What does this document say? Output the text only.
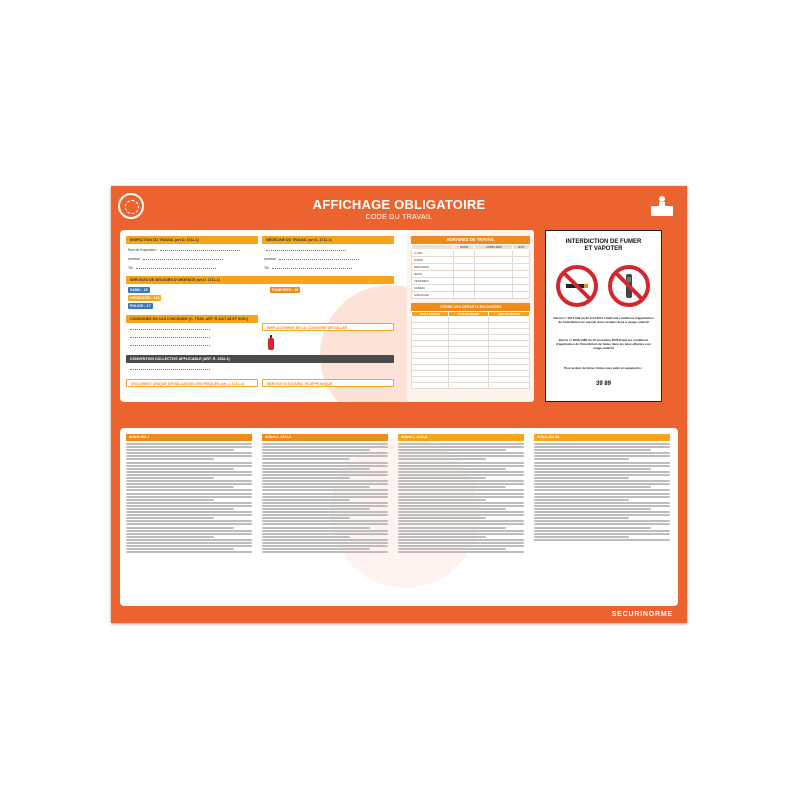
AFFICHAGE OBLIGATOIRE
CODE DU TRAVAIL
INSPECTION DU TRAVAIL (art D. 4711-1)
Nom de l'inspecteur :
Adresse :
Tél :
MÉDECINE DU TRAVAIL (art D. 4711-1)
Adresse :
Tél :
SERVICES DE SECOURS D'URGENCE (art D. 4711-1)
SAMU : 15
URGENCES : 112
POLICE : 17
POMPIERS : 18
CONSIGNES EN CAS D'INCENDIE (C. TRAV. ART. R 4227-38 ET SUIV.)
EMPLACEMENT DE LA CONSIGNE DÉTAILLÉE
CONVENTION COLLECTIVE APPLICABLE (ART. R. 2262-3)
DOCUMENT UNIQUE D'ÉVALUATION DES RISQUES (art. L 4121-4)	SERVICE D'ACCUEIL TÉLÉPHONIQUE
HORAIRES DE TRAVAIL
	MATIN	APRÈS-MIDI	NUIT
LUNDI			
MARDI			
MERCREDI			
JEUDI			
VENDREDI			
SAMEDI			
DIMANCHE			
ORDRE DES DÉPARTS EN CONGÉS
NOM & PRÉNOM	DATE DE DÉPART	DATE DE RETOUR

INTERDICTION DE FUMER
ET VAPOTER
Décret n° 2017-633 du 25 avril 2017 relatif aux conditions d'application de l'interdiction de vapoter dans certains lieux à usage collectif
Décret n° 2006-1386 du 15 novembre 2006 fixant les conditions d'application de l'interdiction de fumer dans les lieux affectés à un usage collectif
Pour arrêter de fumer, faites-vous aider en appelant le :
39 89
Article 225-1	Article L. 3221-2	Article L. 1142-6	Article 222-33
SECURINORME
